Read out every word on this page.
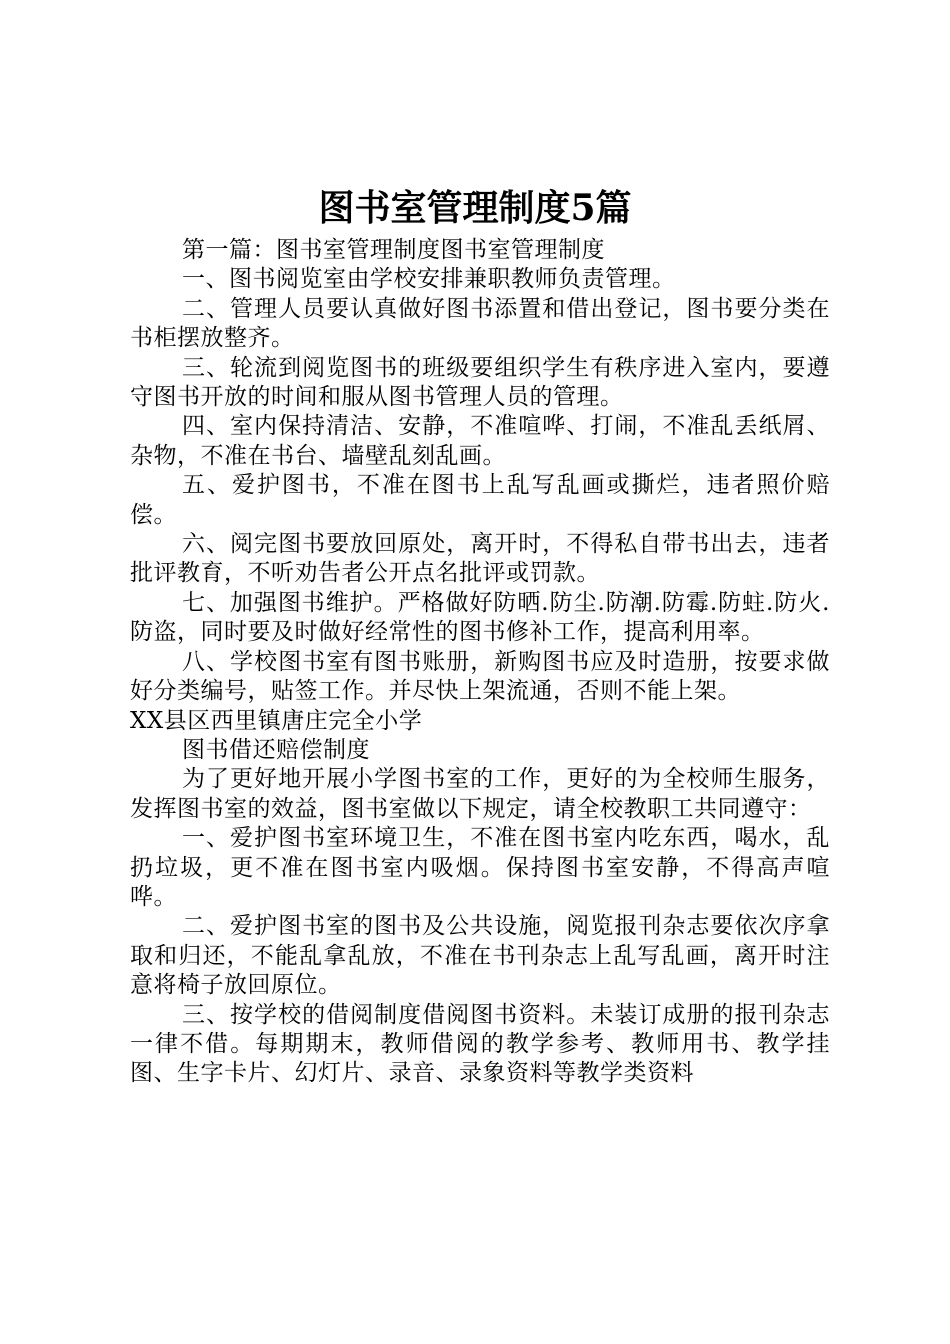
图书室管理制度5篇

第一篇：图书室管理制度图书室管理制度

一、图书阅览室由学校安排兼职教师负责管理。

二、管理人员要认真做好图书添置和借出登记，图书要分类在书柜摆放整齐。

三、轮流到阅览图书的班级要组织学生有秩序进入室内，要遵守图书开放的时间和服从图书管理人员的管理。

四、室内保持清洁、安静，不准喧哗、打闹，不准乱丢纸屑、杂物，不准在书台、墙壁乱刻乱画。

五、爱护图书，不准在图书上乱写乱画或撕烂，违者照价赔偿。

六、阅完图书要放回原处，离开时，不得私自带书出去，违者批评教育，不听劝告者公开点名批评或罚款。

七、加强图书维护。严格做好防晒.防尘.防潮.防霉.防蛀.防火.防盗，同时要及时做好经常性的图书修补工作，提高利用率。

八、学校图书室有图书账册，新购图书应及时造册，按要求做好分类编号，贴签工作。并尽快上架流通，否则不能上架。

XX县区西里镇唐庄完全小学

图书借还赔偿制度

为了更好地开展小学图书室的工作，更好的为全校师生服务，发挥图书室的效益，图书室做以下规定，请全校教职工共同遵守：

一、爱护图书室环境卫生，不准在图书室内吃东西，喝水，乱扔垃圾，更不准在图书室内吸烟。保持图书室安静，不得高声喧哗。

二、爱护图书室的图书及公共设施，阅览报刊杂志要依次序拿取和归还，不能乱拿乱放，不准在书刊杂志上乱写乱画，离开时注意将椅子放回原位。

三、按学校的借阅制度借阅图书资料。未装订成册的报刊杂志一律不借。每期期末，教师借阅的教学参考、教师用书、教学挂图、生字卡片、幻灯片、录音、录象资料等教学类资料
